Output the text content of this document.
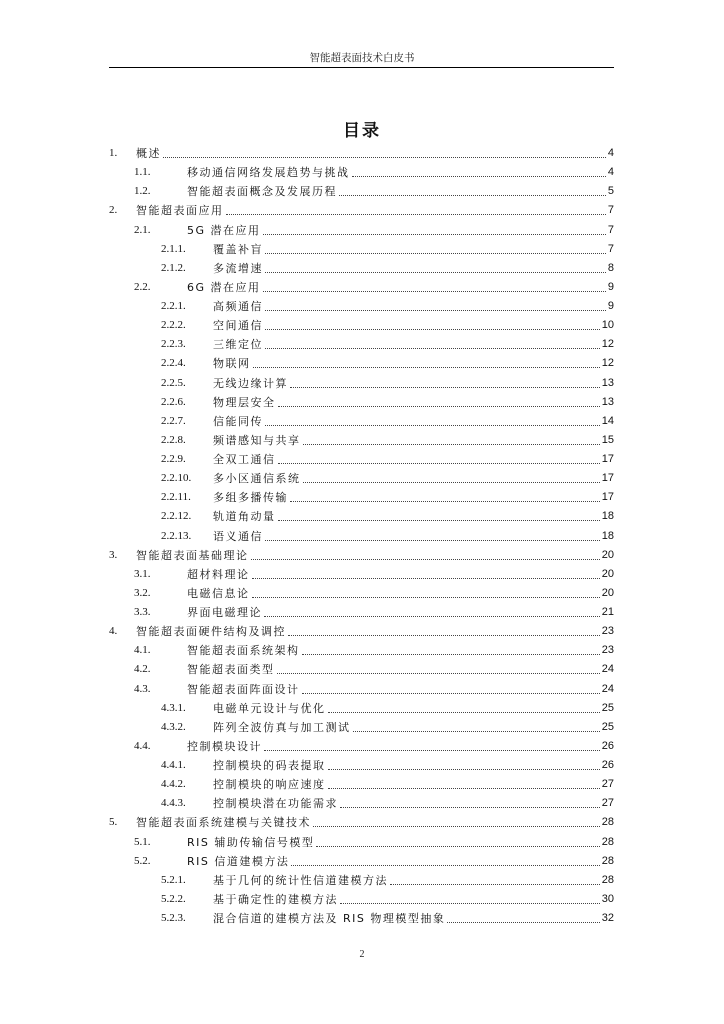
智能超表面技术白皮书
目录
1. 概述	4
1.1.	移动通信网络发展趋势与挑战	4
1.2.	智能超表面概念及发展历程	5
2. 智能超表面应用	7
2.1.	5G 潜在应用	7
2.1.1. 覆盖补盲	7
2.1.2. 多流增速	8
2.2.	6G 潜在应用	9
2.2.1. 高频通信	9
2.2.2. 空间通信	10
2.2.3. 三维定位	12
2.2.4. 物联网	12
2.2.5. 无线边缘计算	13
2.2.6. 物理层安全	13
2.2.7. 信能同传	14
2.2.8. 频谱感知与共享	15
2.2.9. 全双工通信	17
2.2.10. 多小区通信系统	17
2.2.11. 多组多播传输	17
2.2.12. 轨道角动量	18
2.2.13. 语义通信	18
3. 智能超表面基础理论	20
3.1.	超材料理论	20
3.2.	电磁信息论	20
3.3.	界面电磁理论	21
4. 智能超表面硬件结构及调控	23
4.1.	智能超表面系统架构	23
4.2.	智能超表面类型	24
4.3.	智能超表面阵面设计	24
4.3.1. 电磁单元设计与优化	25
4.3.2. 阵列全波仿真与加工测试	25
4.4.	控制模块设计	26
4.4.1. 控制模块的码表提取	26
4.4.2. 控制模块的响应速度	27
4.4.3. 控制模块潜在功能需求	27
5. 智能超表面系统建模与关键技术	28
5.1.	RIS 辅助传输信号模型	28
5.2.	RIS 信道建模方法	28
5.2.1. 基于几何的统计性信道建模方法	28
5.2.2. 基于确定性的建模方法	30
5.2.3. 混合信道的建模方法及 RIS 物理模型抽象	32
2
